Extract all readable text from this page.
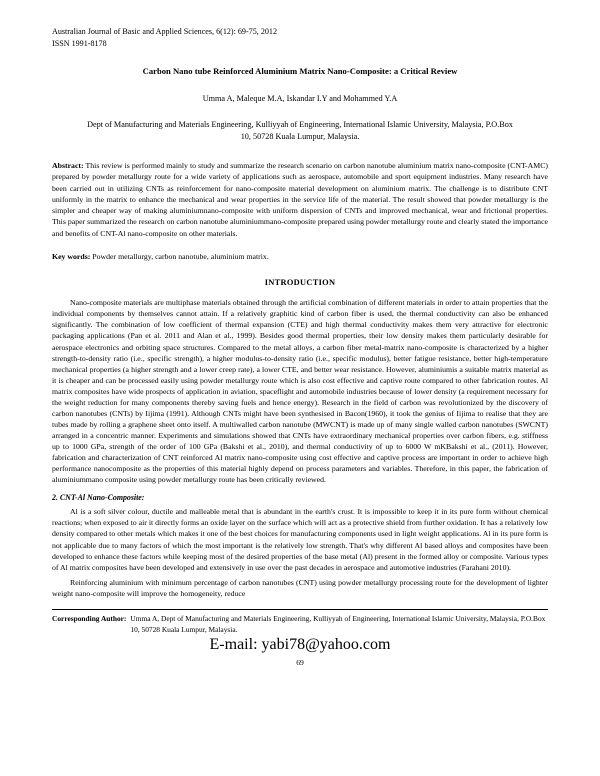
Australian Journal of Basic and Applied Sciences, 6(12): 69-75, 2012
ISSN 1991-8178
Carbon Nano tube Reinforced Aluminium Matrix Nano-Composite: a Critical Review
Umma A, Maleque M.A, Iskandar I.Y and Mohammed Y.A
Dept of Manufacturing and Materials Engineering, Kulliyyah of Engineering, International Islamic University, Malaysia, P.O.Box 10, 50728 Kuala Lumpur, Malaysia.
Abstract: This review is performed mainly to study and summarize the research scenario on carbon nanotube aluminium matrix nano-composite (CNT-AMC) prepared by powder metallurgy route for a wide variety of applications such as aerospace, automobile and sport equipment industries. Many research have been carried out in utilizing CNTs as reinforcement for nano-composite material development on aluminium matrix. The challenge is to distribute CNT uniformly in the matrix to enhance the mechanical and wear properties in the service life of the material. The result showed that powder metallurgy is the simpler and cheaper way of making aluminiumnano-composite with uniform dispersion of CNTs and improved mechanical, wear and frictional properties. This paper summarized the research on carbon nanotube aluminiummano-composite prepared using powder metallurgy route and clearly stated the importance and benefits of CNT-Al nano-composite on other materials.
Key words: Powder metallurgy, carbon nanotube, aluminium matrix.
INTRODUCTION

Nano-composite materials are multiphase materials obtained through the artificial combination of different materials in order to attain properties that the individual components by themselves cannot attain. If a relatively graphitic kind of carbon fiber is used, the thermal conductivity can also be enhanced significantly. The combination of low coefficient of thermal expansion (CTE) and high thermal conductivity makes them very attractive for electronic packaging applications (Pan et al. 2011 and Alan et al., 1999). Besides good thermal properties, their low density makes them particularly desirable for aerospace electronics and orbiting space structures. Compared to the metal alloys, a carbon fiber metal-matrix nano-composite is characterized by a higher strength-to-density ratio (i.e., specific strength), a higher modulus-to-density ratio (i.e., specific modulus), better fatigue resistance, better high-temperature mechanical properties (a higher strength and a lower creep rate), a lower CTE, and better wear resistance. However, aluminiumis a suitable matrix material as it is cheaper and can be processed easily using powder metallurgy route which is also cost effective and captive route compared to other fabrication routes. Al matrix composites have wide prospects of application in aviation, spaceflight and automobile industries because of lower density (a requirement necessary for the weight reduction for many components thereby saving fuels and hence energy). Research in the field of carbon was revolutionized by the discovery of carbon nanotubes (CNTs) by Iijima (1991). Although CNTs might have been synthesised in Bacon(1960), it took the genius of Iijima to realise that they are tubes made by rolling a graphene sheet onto itself. A multiwalled carbon nanotube (MWCNT) is made up of many single walled carbon nanotubes (SWCNT) arranged in a concentric manner. Experiments and simulations showed that CNTs have extraordinary mechanical properties over carbon fibers, e.g. stiffness up to 1000 GPa, strength of the order of 100 GPa (Bakshi et al., 2010), and thermal conductivity of up to 6000 W mKBakshi et al., (2011). However, fabrication and characterization of CNT reinforced Al matrix nano-composite using cost effective and captive process are important in order to achieve high performance nanocomposite as the properties of this material highly depend on process parameters and variables. Therefore, in this paper, the fabrication of aluminiummano composite using powder metallurgy route has been critically reviewed.

2. CNT-Al Nano-Composite:

Al is a soft silver colour, ductile and malleable metal that is abundant in the earth's crust. It is impossible to keep it in its pure form without chemical reactions; when exposed to air it directly forms an oxide layer on the surface which will act as a protective shield from further oxidation. It has a relatively low density compared to other metals which makes it one of the best choices for manufacturing components used in light weight applications. Al in its pure form is not applicable due to many factors of which the most important is the relatively low strength. That's why different Al based alloys and composites have been developed to enhance these factors while keeping most of the desired properties of the base metal (Al) present in the formed alloy or composite. Various types of Al matrix composites have been developed and extensively in use over the past decades in aerospace and automotive industries (Farahani 2010).

Reinforcing aluminium with minimum percentage of carbon nanotubes (CNT) using powder metallurgy processing route for the development of lighter weight nano-composite will improve the homogeneity, reduce

Corresponding Author: Umma A, Dept of Manufacturing and Materials Engineering, Kulliyyah of Engineering, International Islamic University, Malaysia, P.O.Box 10, 50728 Kuala Lumpur, Malaysia.
E-mail: yabi78@yahoo.com
69
